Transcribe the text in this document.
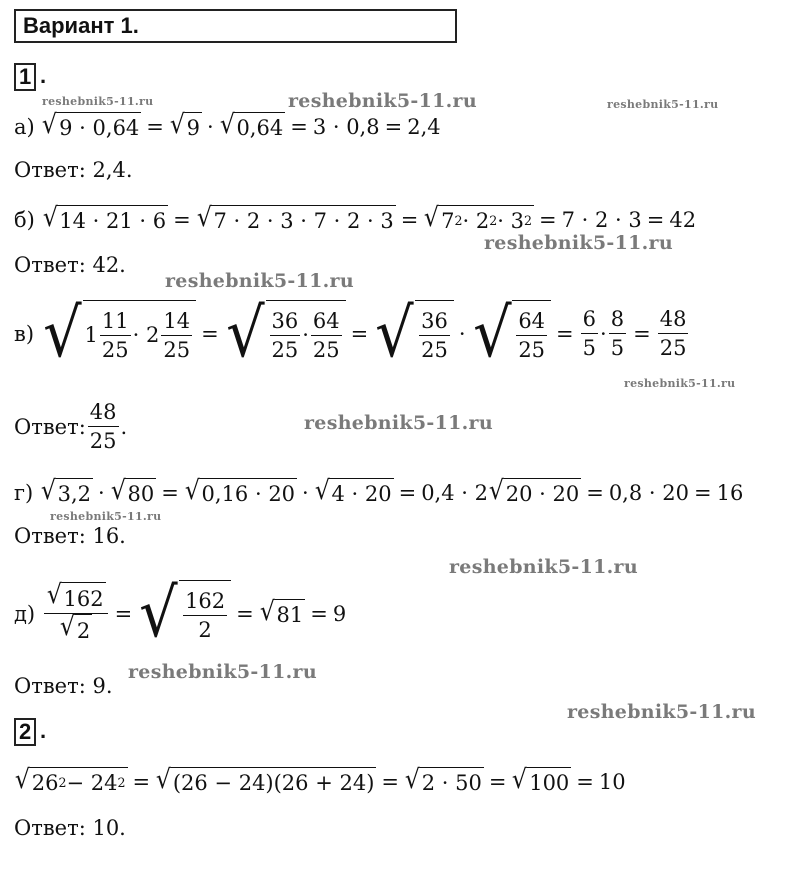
Вариант 1.
1 .
а)
√ 9 · 0,64 = √ 9 · √ 0,64 = 3 · 0,8 = 2,4
Ответ: 2,4.
б)
√ 14 · 21 · 6 = √ 7 · 2 · 3 · 7 · 2 · 3 = √ 7 2 · 2 2 · 3 2 = 7 · 2 · 3 = 42
Ответ: 42.
в)
√ $1 \frac{11}{25} \cdot 2 \frac{14}{25}$ = √ $\frac{36}{25} \cdot \frac{64}{25}$ = √ $\frac{36}{25}$ · √ $\frac{64}{25} = \frac{6}{5} \cdot \frac{8}{5} = \frac{48}{25}$
Ответ: $\frac{48}{25}$ .
г)
√ 3,2 · √ 80 = √ 0,16 · 20 · √ 4 · 20 = 0,4 · 2 √ 20 · 20 = 0,8 · 20 = 16
Ответ: 16.
д)
$\frac{√ 162}{√ 2}$ = √ $\frac{162}{2}$ = √ 81 = 9
Ответ: 9.
2 .
√ 26 2 − 24 2 = √ (26 − 24)(26 + 24) = √ 2 · 50 = √ 100 = 10
Ответ: 10.
reshebnik5-11.ru	reshebnik5-11.ru	reshebnik5-11.ru
reshebnik5-11.ru
reshebnik5-11.ru
reshebnik5-11.ru
reshebnik5-11.ru
reshebnik5-11.ru
reshebnik5-11.ru
reshebnik5-11.ru
reshebnik5-11.ru
